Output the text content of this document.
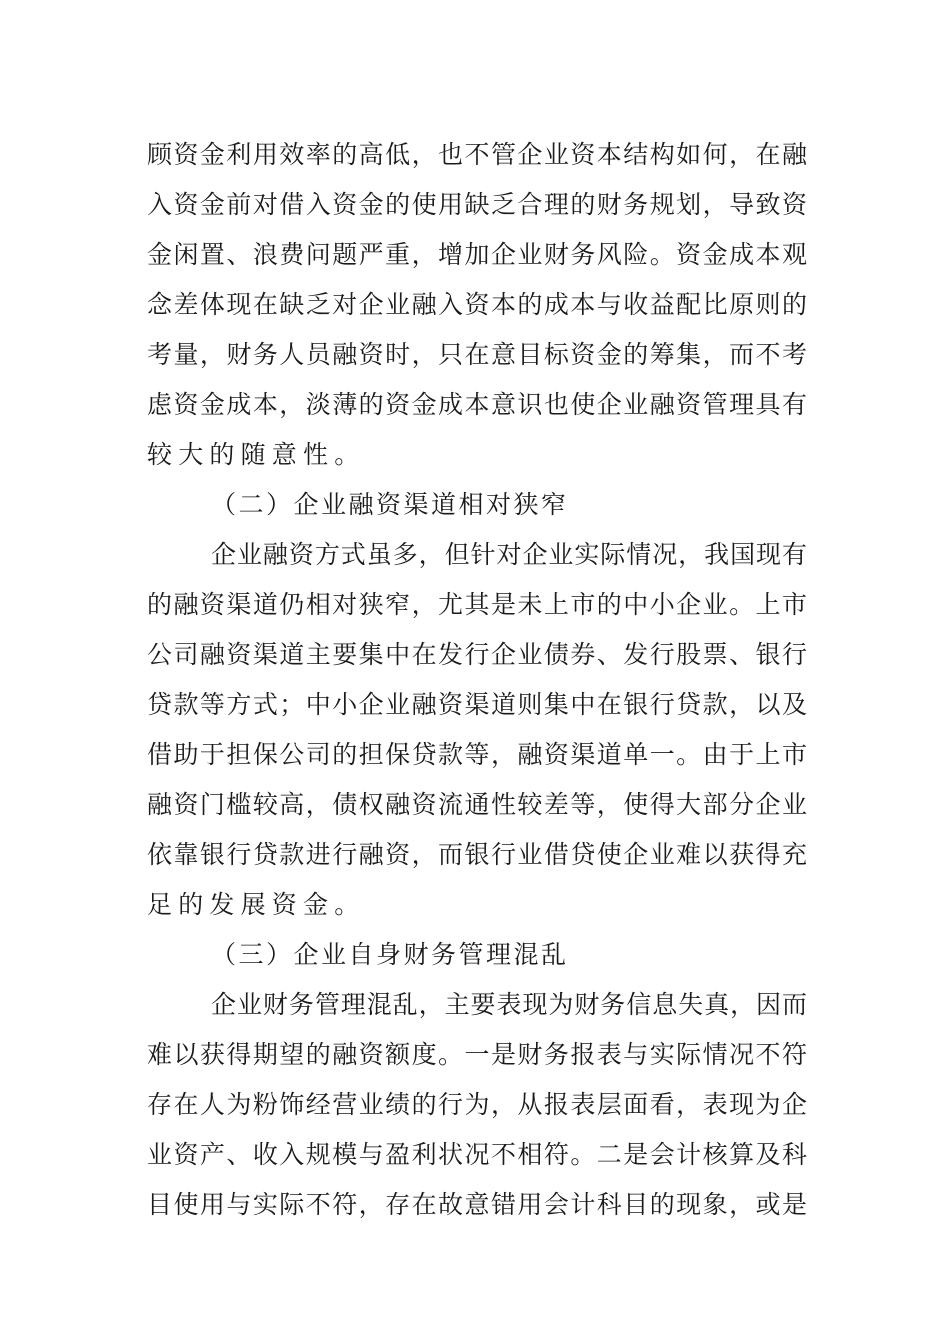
顾资金利用效率的高低，也不管企业资本结构如何，在融
入资金前对借入资金的使用缺乏合理的财务规划，导致资
金闲置、浪费问题严重，增加企业财务风险。资金成本观
念差体现在缺乏对企业融入资本的成本与收益配比原则的
考量，财务人员融资时，只在意目标资金的筹集，而不考
虑资金成本，淡薄的资金成本意识也使企业融资管理具有
较大的随意性。
（二）企业融资渠道相对狭窄
企业融资方式虽多，但针对企业实际情况，我国现有
的融资渠道仍相对狭窄，尤其是未上市的中小企业。上市
公司融资渠道主要集中在发行企业债券、发行股票、银行
贷款等方式；中小企业融资渠道则集中在银行贷款，以及
借助于担保公司的担保贷款等，融资渠道单一。由于上市
融资门槛较高，债权融资流通性较差等，使得大部分企业
依靠银行贷款进行融资，而银行业借贷使企业难以获得充
足的发展资金。
（三）企业自身财务管理混乱
企业财务管理混乱，主要表现为财务信息失真，因而
难以获得期望的融资额度。一是财务报表与实际情况不符
存在人为粉饰经营业绩的行为，从报表层面看，表现为企
业资产、收入规模与盈利状况不相符。二是会计核算及科
目使用与实际不符，存在故意错用会计科目的现象，或是
